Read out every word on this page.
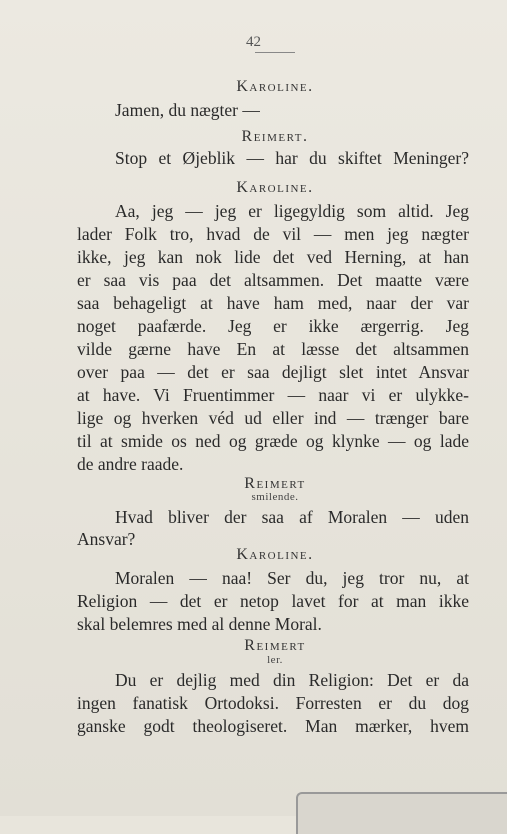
42
Karoline.
Jamen, du nægter —
Reimert.
Stop et Øjeblik — har du skiftet Meninger?
Karoline.
Aa, jeg — jeg er ligegyldig som altid. Jeg
lader Folk tro, hvad de vil — men jeg nægter
ikke, jeg kan nok lide det ved Herning, at han
er saa vis paa det altsammen. Det maatte være
saa behageligt at have ham med, naar der var
noget paafærde. Jeg er ikke ærgerrig. Jeg
vilde gærne have En at læsse det altsammen
over paa — det er saa dejligt slet intet Ansvar
at have. Vi Fruentimmer — naar vi er ulykke-
lige og hverken véd ud eller ind — trænger bare
til at smide os ned og græde og klynke — og lade
de andre raade.
Reimert
smilende.
Hvad bliver der saa af Moralen — uden
Ansvar?
Karoline.
Moralen — naa! Ser du, jeg tror nu, at
Religion — det er netop lavet for at man ikke
skal belemres med al denne Moral.
Reimert
ler.
Du er dejlig med din Religion: Det er da
ingen fanatisk Ortodoksi. Forresten er du dog
ganske godt theologiseret. Man mærker, hvem
